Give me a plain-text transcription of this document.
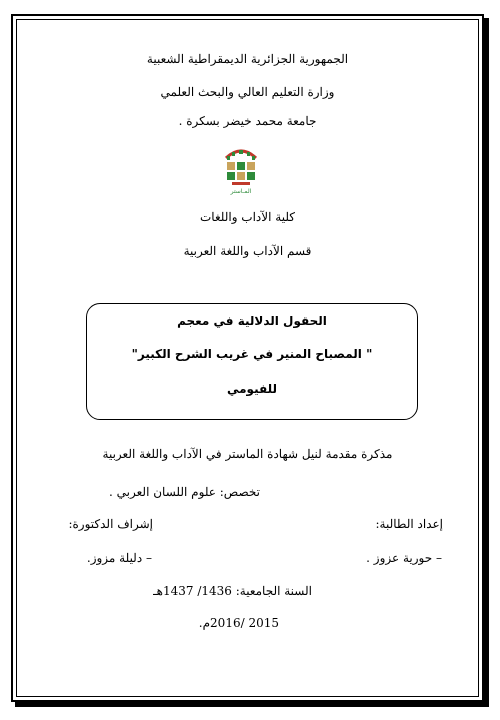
الجمهورية الجزائرية الديمقراطية الشعبية
وزارة التعليم العالي والبحث العلمي
جامعة محمد خيضر بسكرة .
المـاستر
كلية الآداب واللغات
قسم الآداب واللغة العربية
الحقول الدلالية في معجم
" المصباح المنير في غريب الشرح الكبير"
للفيومي
مذكرة مقدمة لنيل شهادة الماستر في الآداب واللغة العربية
تخصص: علوم اللسان العربي .
إعداد الطالبة:
إشراف الدكتورة:
– حورية عزوز .
– دليلة مزوز.
السنة الجامعية: 1436/ 1437هـ
2015 /2016م.
